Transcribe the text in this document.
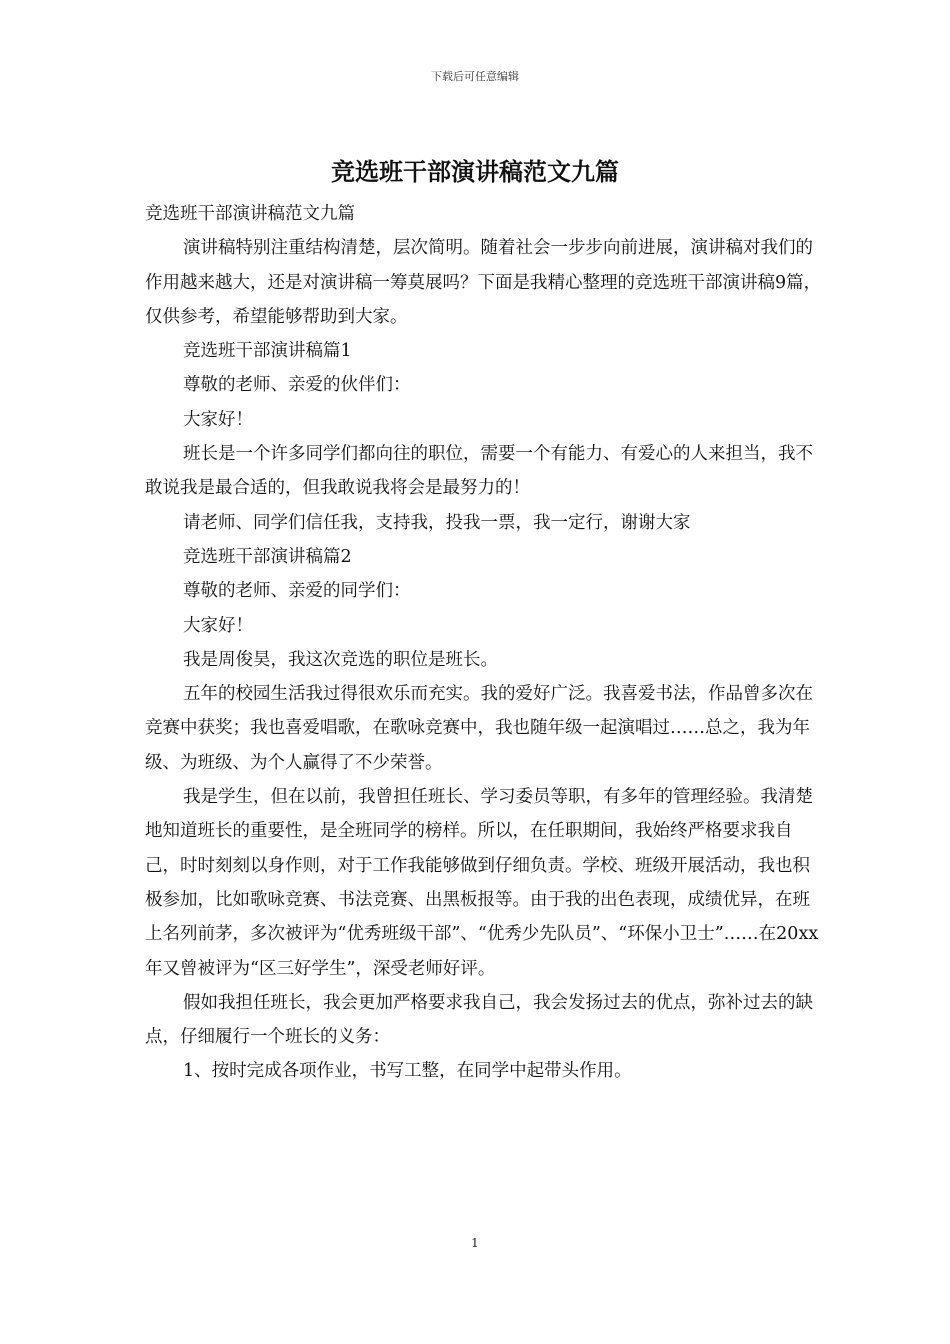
下载后可任意编辑
竞选班干部演讲稿范文九篇

竞选班干部演讲稿范文九篇

演讲稿特别注重结构清楚，层次简明。随着社会一步步向前进展，演讲稿对我们的作用越来越大，还是对演讲稿一筹莫展吗？下面是我精心整理的竞选班干部演讲稿9篇，仅供参考，希望能够帮助到大家。

竞选班干部演讲稿篇1

尊敬的老师、亲爱的伙伴们：

大家好！

班长是一个许多同学们都向往的职位，需要一个有能力、有爱心的人来担当，我不敢说我是最合适的，但我敢说我将会是最努力的！

请老师、同学们信任我，支持我，投我一票，我一定行，谢谢大家

竞选班干部演讲稿篇2

尊敬的老师、亲爱的同学们：

大家好！

我是周俊昊，我这次竞选的职位是班长。

五年的校园生活我过得很欢乐而充实。我的爱好广泛。我喜爱书法，作品曾多次在竞赛中获奖；我也喜爱唱歌，在歌咏竞赛中，我也随年级一起演唱过……总之，我为年级、为班级、为个人赢得了不少荣誉。

我是学生，但在以前，我曾担任班长、学习委员等职，有多年的管理经验。我清楚地知道班长的重要性，是全班同学的榜样。所以，在任职期间，我始终严格要求我自己，时时刻刻以身作则，对于工作我能够做到仔细负责。学校、班级开展活动，我也积极参加，比如歌咏竞赛、书法竞赛、出黑板报等。由于我的出色表现，成绩优异，在班上名列前茅，多次被评为“优秀班级干部”、“优秀少先队员”、“环保小卫士”……在20xx年又曾被评为“区三好学生”，深受老师好评。

假如我担任班长，我会更加严格要求我自己，我会发扬过去的优点，弥补过去的缺点，仔细履行一个班长的义务：

1、按时完成各项作业，书写工整，在同学中起带头作用。

1
